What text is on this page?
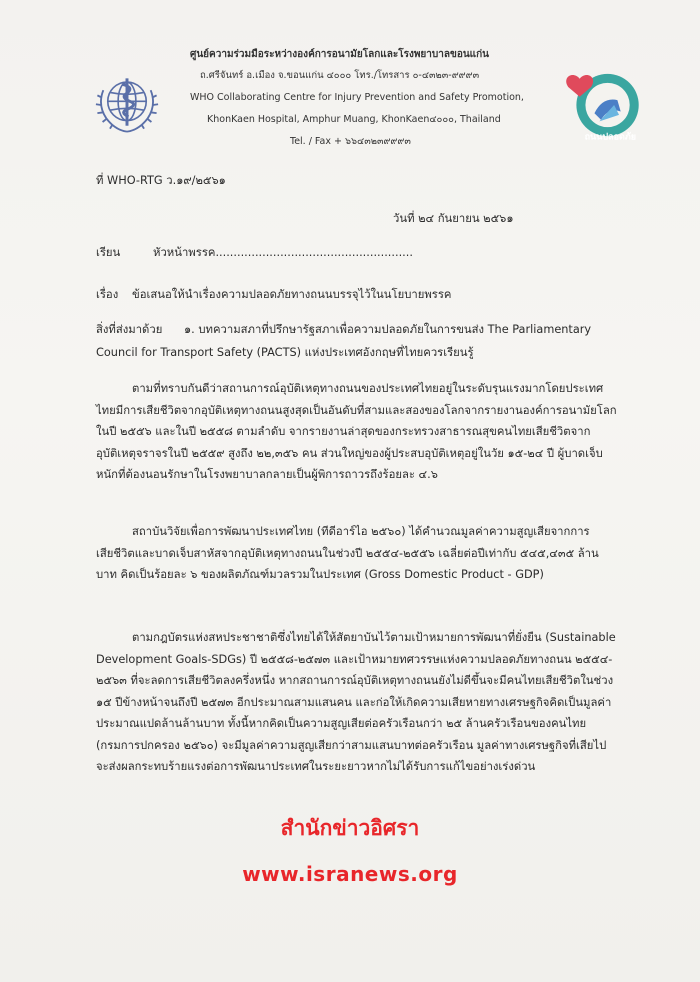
ถนนปลอดภัย
ศูนย์ความร่วมมือระหว่างองค์การอนามัยโลกและโรงพยาบาลขอนแก่น
ถ.ศรีจันทร์ อ.เมือง จ.ขอนแก่น ๔๐๐๐ โทร./โทรสาร ๐-๔๓๒๓-๙๙๙๓
WHO Collaborating Centre for Injury Prevention and Safety Promotion,
KhonKaen Hospital, Amphur Muang, KhonKaen๔๐๐๐, Thailand
Tel. / Fax + ๖๖๔๓๒๓๙๙๙๓
ที่ WHO-RTG ว.๑๙/๒๕๖๑
วันที่ ๒๔ กันยายน ๒๕๖๑
เรียน	หัวหน้าพรรค.......................................................
เรื่อง ข้อเสนอให้นำเรื่องความปลอดภัยทางถนนบรรจุไว้ในนโยบายพรรค
สิ่งที่ส่งมาด้วย ๑. บทความสภาที่ปรึกษารัฐสภาเพื่อความปลอดภัยในการขนส่ง The Parliamentary
Council for Transport Safety (PACTS) แห่งประเทศอังกฤษที่ไทยควรเรียนรู้
ตามที่ทราบกันดีว่าสถานการณ์อุบัติเหตุทางถนนของประเทศไทยอยู่ในระดับรุนแรงมากโดยประเทศ
ไทยมีการเสียชีวิตจากอุบัติเหตุทางถนนสูงสุดเป็นอันดับที่สามและสองของโลกจากรายงานองค์การอนามัยโลก
ในปี ๒๕๕๖ และในปี ๒๕๕๘ ตามลำดับ จากรายงานล่าสุดของกระทรวงสาธารณสุขคนไทยเสียชีวิตจาก
อุบัติเหตุจราจรในปี ๒๕๕๙ สูงถึง ๒๒,๓๕๖ คน ส่วนใหญ่ของผู้ประสบอุบัติเหตุอยู่ในวัย ๑๕-๒๔ ปี ผู้บาดเจ็บ
หนักที่ต้องนอนรักษาในโรงพยาบาลกลายเป็นผู้พิการถาวรถึงร้อยละ ๔.๖
สถาบันวิจัยเพื่อการพัฒนาประเทศไทย (ทีดีอาร์ไอ ๒๕๖๐) ได้คำนวณมูลค่าความสูญเสียจากการ
เสียชีวิตและบาดเจ็บสาหัสจากอุบัติเหตุทางถนนในช่วงปี ๒๕๕๔-๒๕๕๖ เฉลี่ยต่อปีเท่ากับ ๕๔๕,๔๓๕ ล้าน
บาท คิดเป็นร้อยละ ๖ ของผลิตภัณฑ์มวลรวมในประเทศ (Gross Domestic Product - GDP)
ตามกฎบัตรแห่งสหประชาชาติซึ่งไทยได้ให้สัตยาบันไว้ตามเป้าหมายการพัฒนาที่ยั่งยืน (Sustainable
Development Goals-SDGs) ปี ๒๕๕๘-๒๕๗๓ และเป้าหมายทศวรรษแห่งความปลอดภัยทางถนน ๒๕๕๔-
๒๕๖๓ ที่จะลดการเสียชีวิตลงครึ่งหนึ่ง หากสถานการณ์อุบัติเหตุทางถนนยังไม่ดีขึ้นจะมีคนไทยเสียชีวิตในช่วง
๑๕ ปีข้างหน้าจนถึงปี ๒๕๗๓ อีกประมาณสามแสนคน และก่อให้เกิดความเสียหายทางเศรษฐกิจคิดเป็นมูลค่า
ประมาณแปดล้านล้านบาท ทั้งนี้หากคิดเป็นความสูญเสียต่อครัวเรือนกว่า ๒๕ ล้านครัวเรือนของคนไทย
(กรมการปกครอง ๒๕๖๐) จะมีมูลค่าความสูญเสียกว่าสามแสนบาทต่อครัวเรือน มูลค่าทางเศรษฐกิจที่เสียไป
จะส่งผลกระทบร้ายแรงต่อการพัฒนาประเทศในระยะยาวหากไม่ได้รับการแก้ไขอย่างเร่งด่วน
สำนักข่าวอิศรา
www.isranews.org
